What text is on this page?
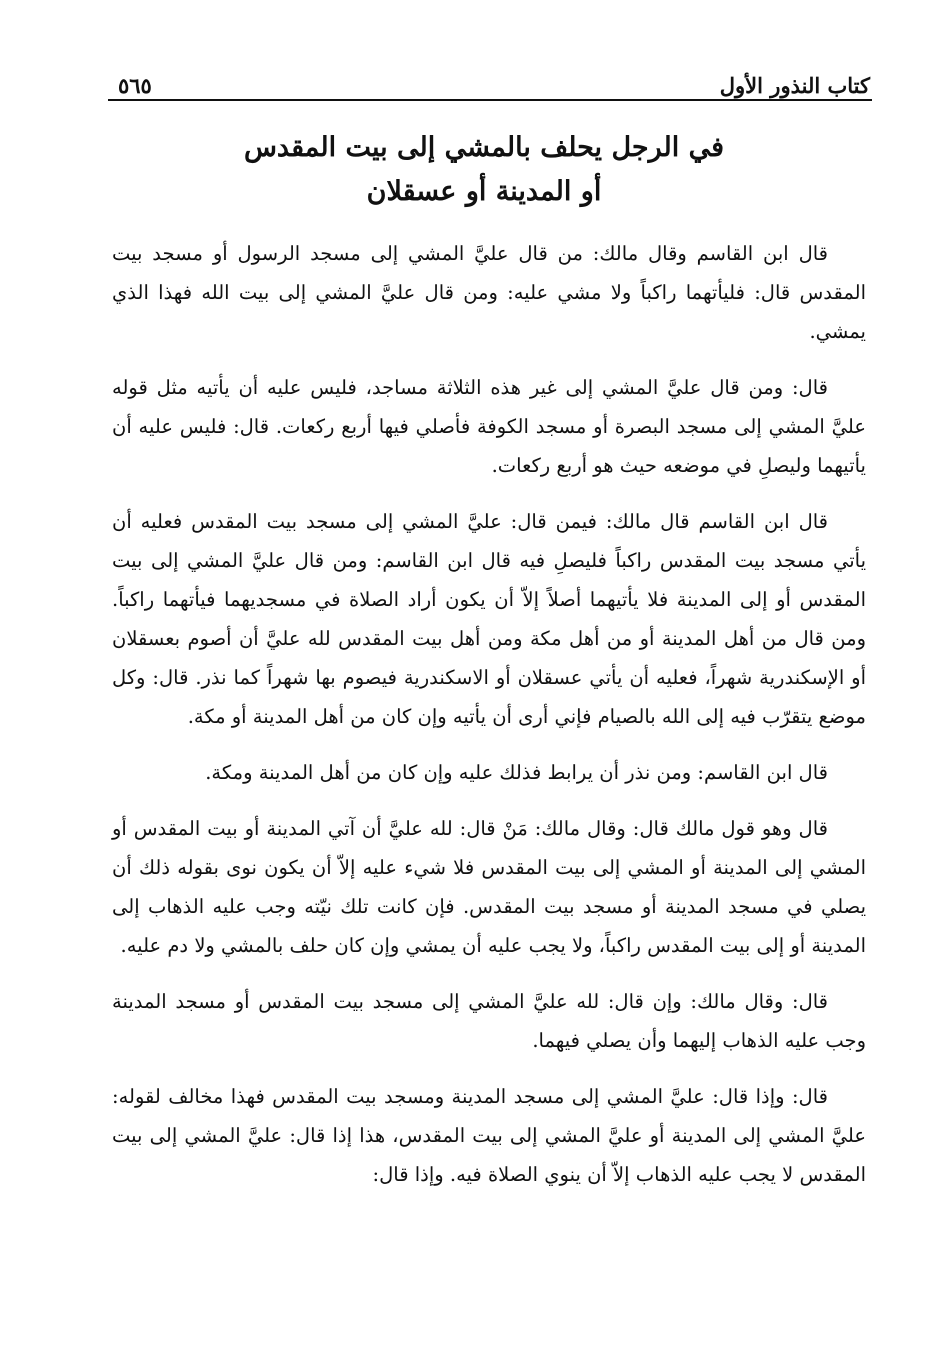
كتاب النذور الأول
٥٦٥
في الرجل يحلف بالمشي إلى بيت المقدس
أو المدينة أو عسقلان

قال ابن القاسم وقال مالك: من قال عليَّ المشي إلى مسجد الرسول أو مسجد بيت المقدس قال: فليأتهما راكباً ولا مشي عليه: ومن قال عليَّ المشي إلى بيت الله فهذا الذي يمشي.

قال: ومن قال عليَّ المشي إلى غير هذه الثلاثة مساجد، فليس عليه أن يأتيه مثل قوله عليَّ المشي إلى مسجد البصرة أو مسجد الكوفة فأصلي فيها أربع ركعات. قال: فليس عليه أن يأتيهما وليصلِ في موضعه حيث هو أربع ركعات.

قال ابن القاسم قال مالك: فيمن قال: عليَّ المشي إلى مسجد بيت المقدس فعليه أن يأتي مسجد بيت المقدس راكباً فليصلِ فيه قال ابن القاسم: ومن قال عليَّ المشي إلى بيت المقدس أو إلى المدينة فلا يأتيهما أصلاً إلاّ أن يكون أراد الصلاة في مسجديهما فيأتهما راكباً. ومن قال من أهل المدينة أو من أهل مكة ومن أهل بيت المقدس لله عليَّ أن أصوم بعسقلان أو الإسكندرية شهراً، فعليه أن يأتي عسقلان أو الاسكندرية فيصوم بها شهراً كما نذر. قال: وكل موضع يتقرّب فيه إلى الله بالصيام فإني أرى أن يأتيه وإن كان من أهل المدينة أو مكة.

قال ابن القاسم: ومن نذر أن يرابط فذلك عليه وإن كان من أهل المدينة ومكة.

قال وهو قول مالك قال: وقال مالك: مَنْ قال: لله عليَّ أن آتي المدينة أو بيت المقدس أو المشي إلى المدينة أو المشي إلى بيت المقدس فلا شيء عليه إلاّ أن يكون نوى بقوله ذلك أن يصلي في مسجد المدينة أو مسجد بيت المقدس. فإن كانت تلك نيّته وجب عليه الذهاب إلى المدينة أو إلى بيت المقدس راكباً، ولا يجب عليه أن يمشي وإن كان حلف بالمشي ولا دم عليه.

قال: وقال مالك: وإن قال: لله عليَّ المشي إلى مسجد بيت المقدس أو مسجد المدينة وجب عليه الذهاب إليهما وأن يصلي فيهما.

قال: وإذا قال: عليَّ المشي إلى مسجد المدينة ومسجد بيت المقدس فهذا مخالف لقوله: عليَّ المشي إلى المدينة أو عليَّ المشي إلى بيت المقدس، هذا إذا قال: عليَّ المشي إلى بيت المقدس لا يجب عليه الذهاب إلاّ أن ينوي الصلاة فيه. وإذا قال:
